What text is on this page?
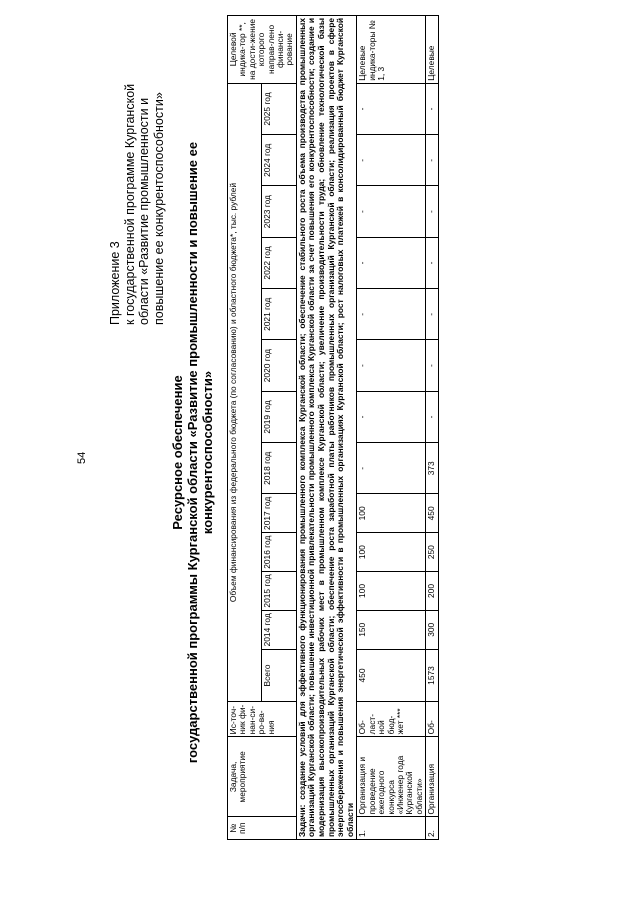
54
Приложение 3 к государственной программе Курганской области «Развитие промышленности и повышение ее конкурентоспособности»
Ресурсное обеспечение государственной программы Курганской области «Развитие промышленности и повышение ее конкурентоспособности»
№ п/п	Задача, мероприятие	Ис-точ-ник фи-нан-си-ро-ва-ния	Объем финансирования из федерального бюджета (по согласованию) и областного бюджета*, тыс. рублей													Целевой индика-тор **, на дости-жение которого направ-лено финанси-рование
			Всего	2014 год	2015 год	2016 год	2017 год	2018 год	2019 год	2020 год	2021 год	2022 год	2023 год	2024 год	2025 год	
Задачи: создание условий для эффективного функционирования промышленного комплекса Курганской области; обеспечение стабильного роста объема производства промышленных организаций Курганской области; повышение инвестиционной привлекательности промышленного комплекса Курганской области за счет повышения его конкурентоспособности; создание и модернизация высокопроизводительных рабочих мест в промышленном комплексе Курганской области; увеличение производительности труда; обновление технологической базы промышленных организаций Курганской области; обеспечение роста заработной платы работников промышленных организаций Курганской области; реализация проектов в сфере энергосбережения и повышения энергетической эффективности в промышленных организациях Курганской области; рост налоговых платежей в консолидированный бюджет Курганской области																
1.	Организация и проведение ежегодного конкурса «Инженер года Курганской области»	Об-ласт-ной бюд-жет ***	450	150	100	100	100	-	-	-	-	-	-	-	-	Целевые индика-торы № 1, 3
2.	Организация	Об-	1573	300	200	250	450	373	-	-	-	-	-	-	-	Целевые
